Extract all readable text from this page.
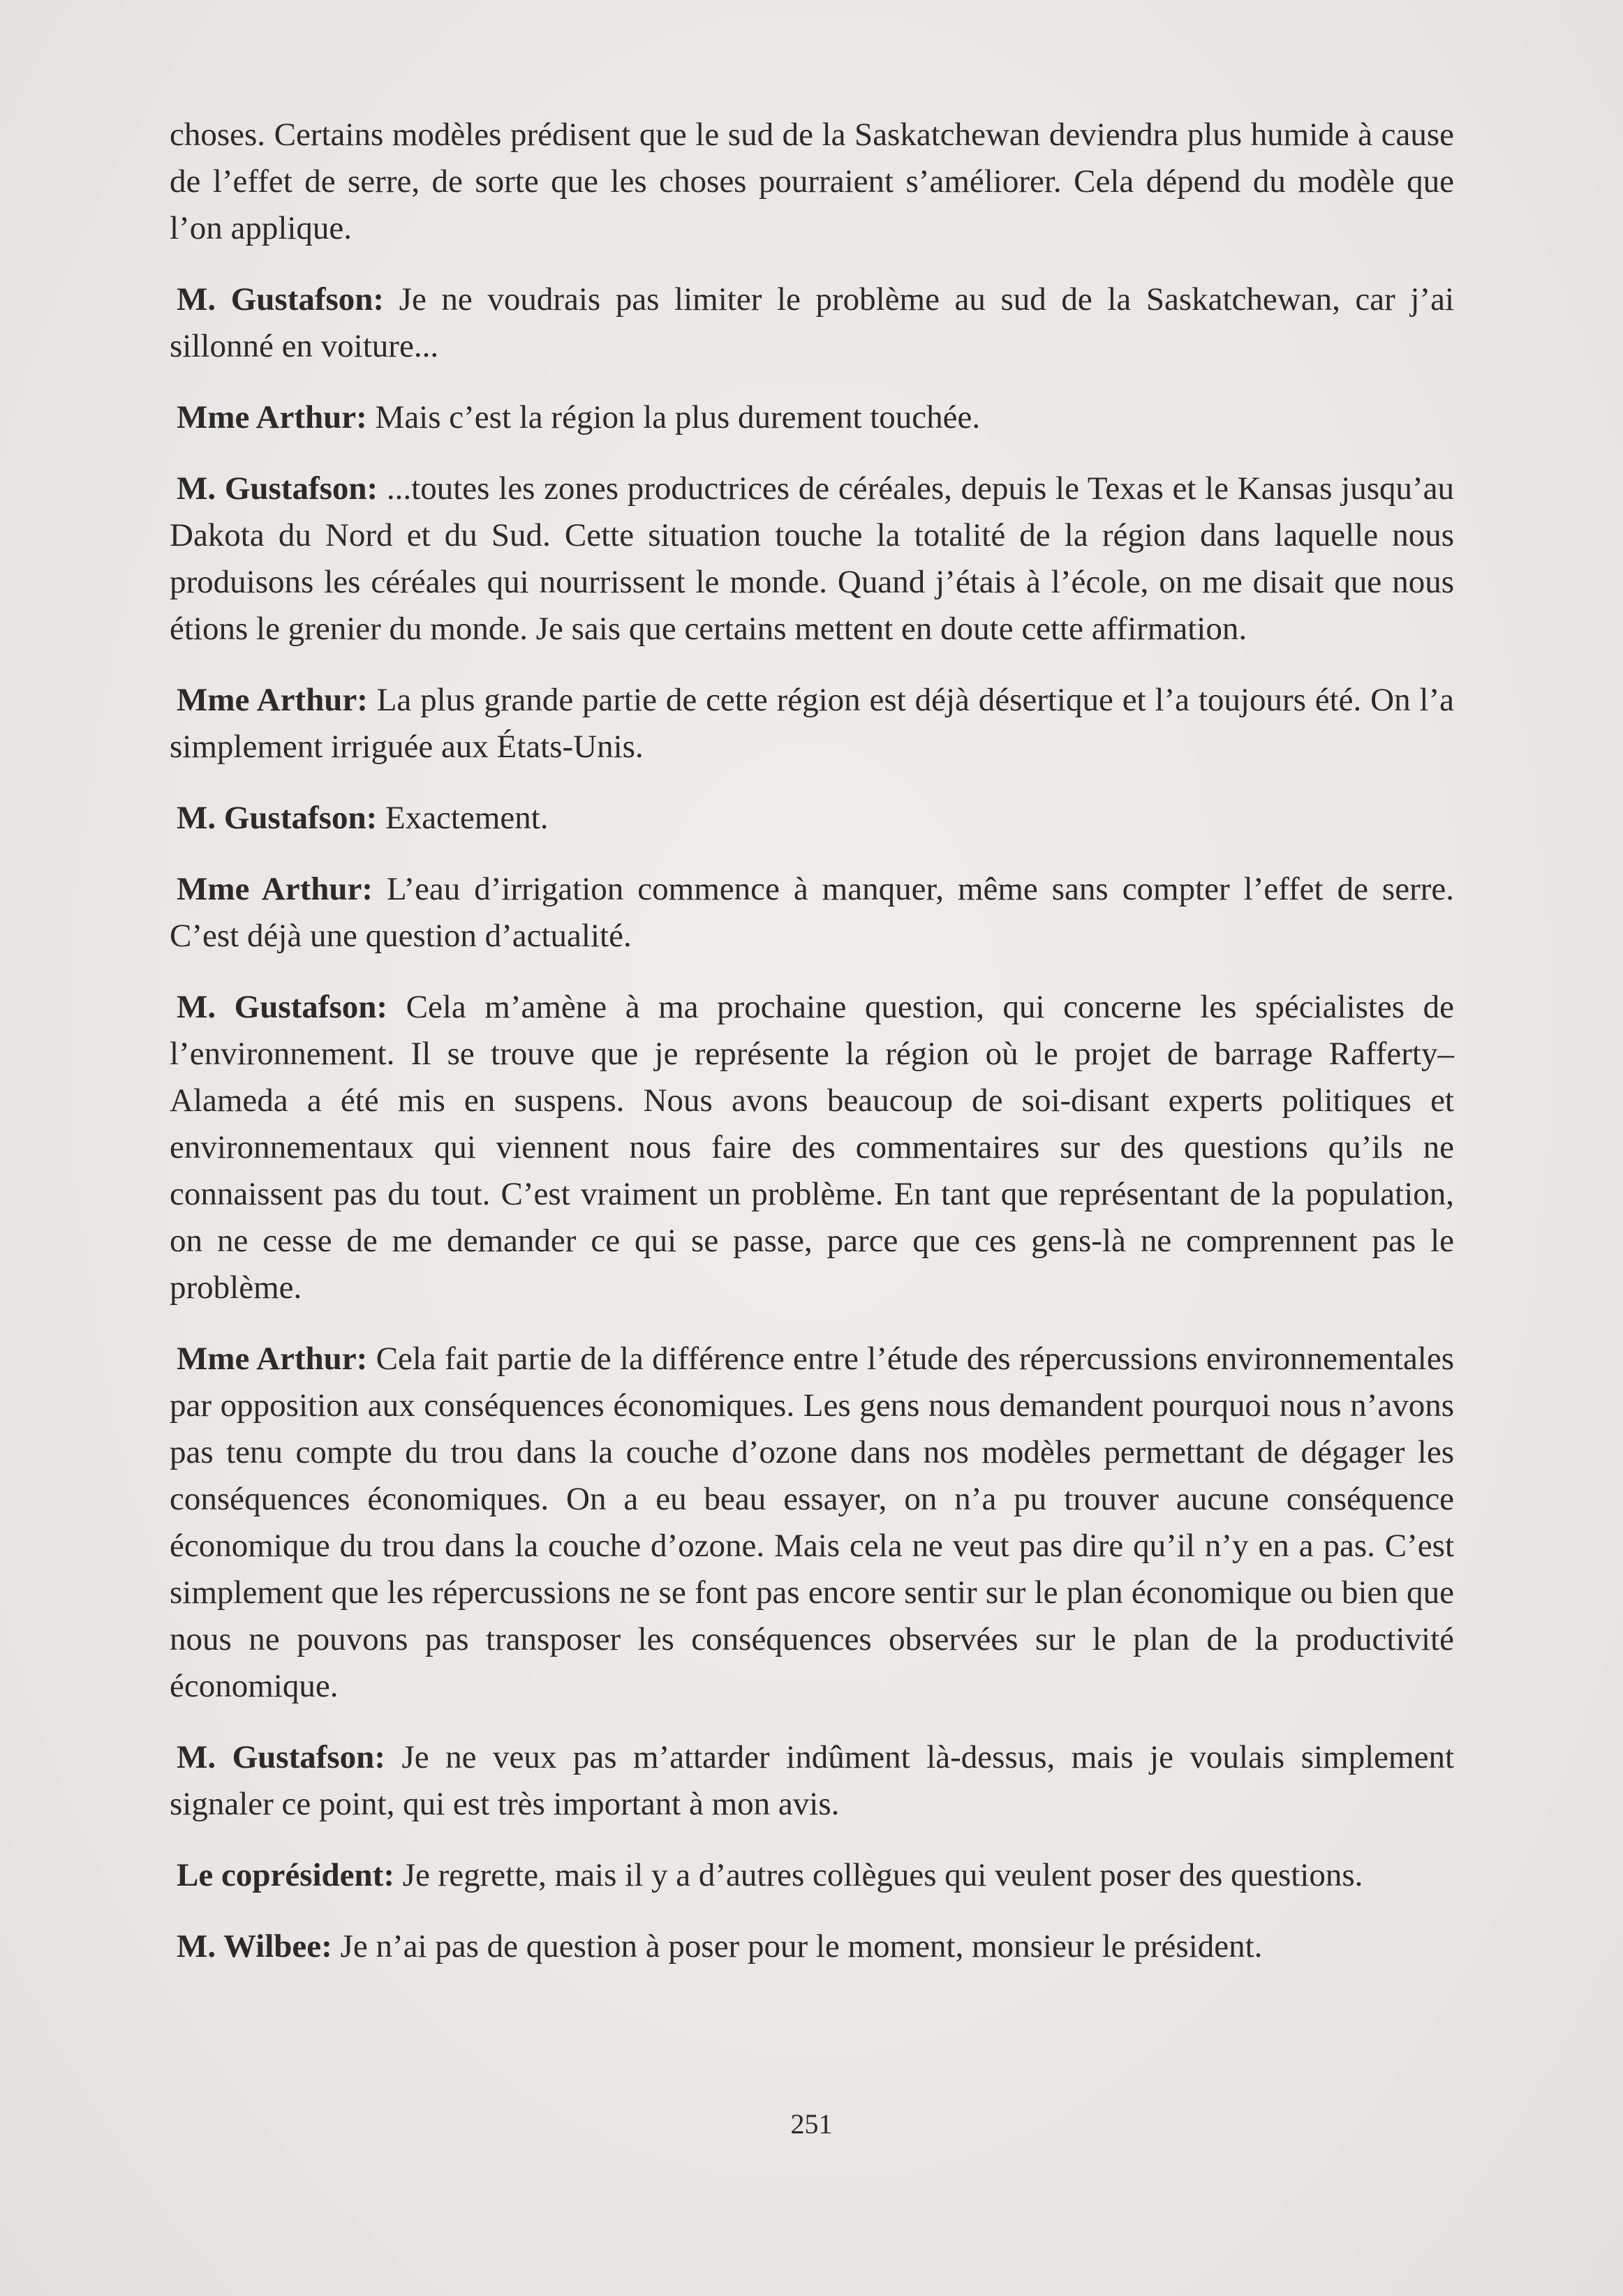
choses. Certains modèles prédisent que le sud de la Saskatchewan deviendra plus humide à cause de l’effet de serre, de sorte que les choses pourraient s’améliorer. Cela dépend du modèle que l’on applique.

M. Gustafson: Je ne voudrais pas limiter le problème au sud de la Saskatchewan, car j’ai sillonné en voiture...

Mme Arthur: Mais c’est la région la plus durement touchée.

M. Gustafson: ...toutes les zones productrices de céréales, depuis le Texas et le Kansas jusqu’au Dakota du Nord et du Sud. Cette situation touche la totalité de la région dans laquelle nous produisons les céréales qui nourrissent le monde. Quand j’étais à l’école, on me disait que nous étions le grenier du monde. Je sais que certains mettent en doute cette affirmation.

Mme Arthur: La plus grande partie de cette région est déjà désertique et l’a toujours été. On l’a simplement irriguée aux États-Unis.

M. Gustafson: Exactement.

Mme Arthur: L’eau d’irrigation commence à manquer, même sans compter l’effet de serre. C’est déjà une question d’actualité.

M. Gustafson: Cela m’amène à ma prochaine question, qui concerne les spécialistes de l’environnement. Il se trouve que je représente la région où le projet de barrage Rafferty–Alameda a été mis en suspens. Nous avons beaucoup de soi-disant experts politiques et environnementaux qui viennent nous faire des commentaires sur des questions qu’ils ne connaissent pas du tout. C’est vraiment un problème. En tant que représentant de la population, on ne cesse de me demander ce qui se passe, parce que ces gens-là ne comprennent pas le problème.

Mme Arthur: Cela fait partie de la différence entre l’étude des répercussions environnementales par opposition aux conséquences économiques. Les gens nous demandent pourquoi nous n’avons pas tenu compte du trou dans la couche d’ozone dans nos modèles permettant de dégager les conséquences économiques. On a eu beau essayer, on n’a pu trouver aucune conséquence économique du trou dans la couche d’ozone. Mais cela ne veut pas dire qu’il n’y en a pas. C’est simplement que les répercussions ne se font pas encore sentir sur le plan économique ou bien que nous ne pouvons pas transposer les conséquences observées sur le plan de la productivité économique.

M. Gustafson: Je ne veux pas m’attarder indûment là-dessus, mais je voulais simplement signaler ce point, qui est très important à mon avis.

Le coprésident: Je regrette, mais il y a d’autres collègues qui veulent poser des questions.

M. Wilbee: Je n’ai pas de question à poser pour le moment, monsieur le président.

251
